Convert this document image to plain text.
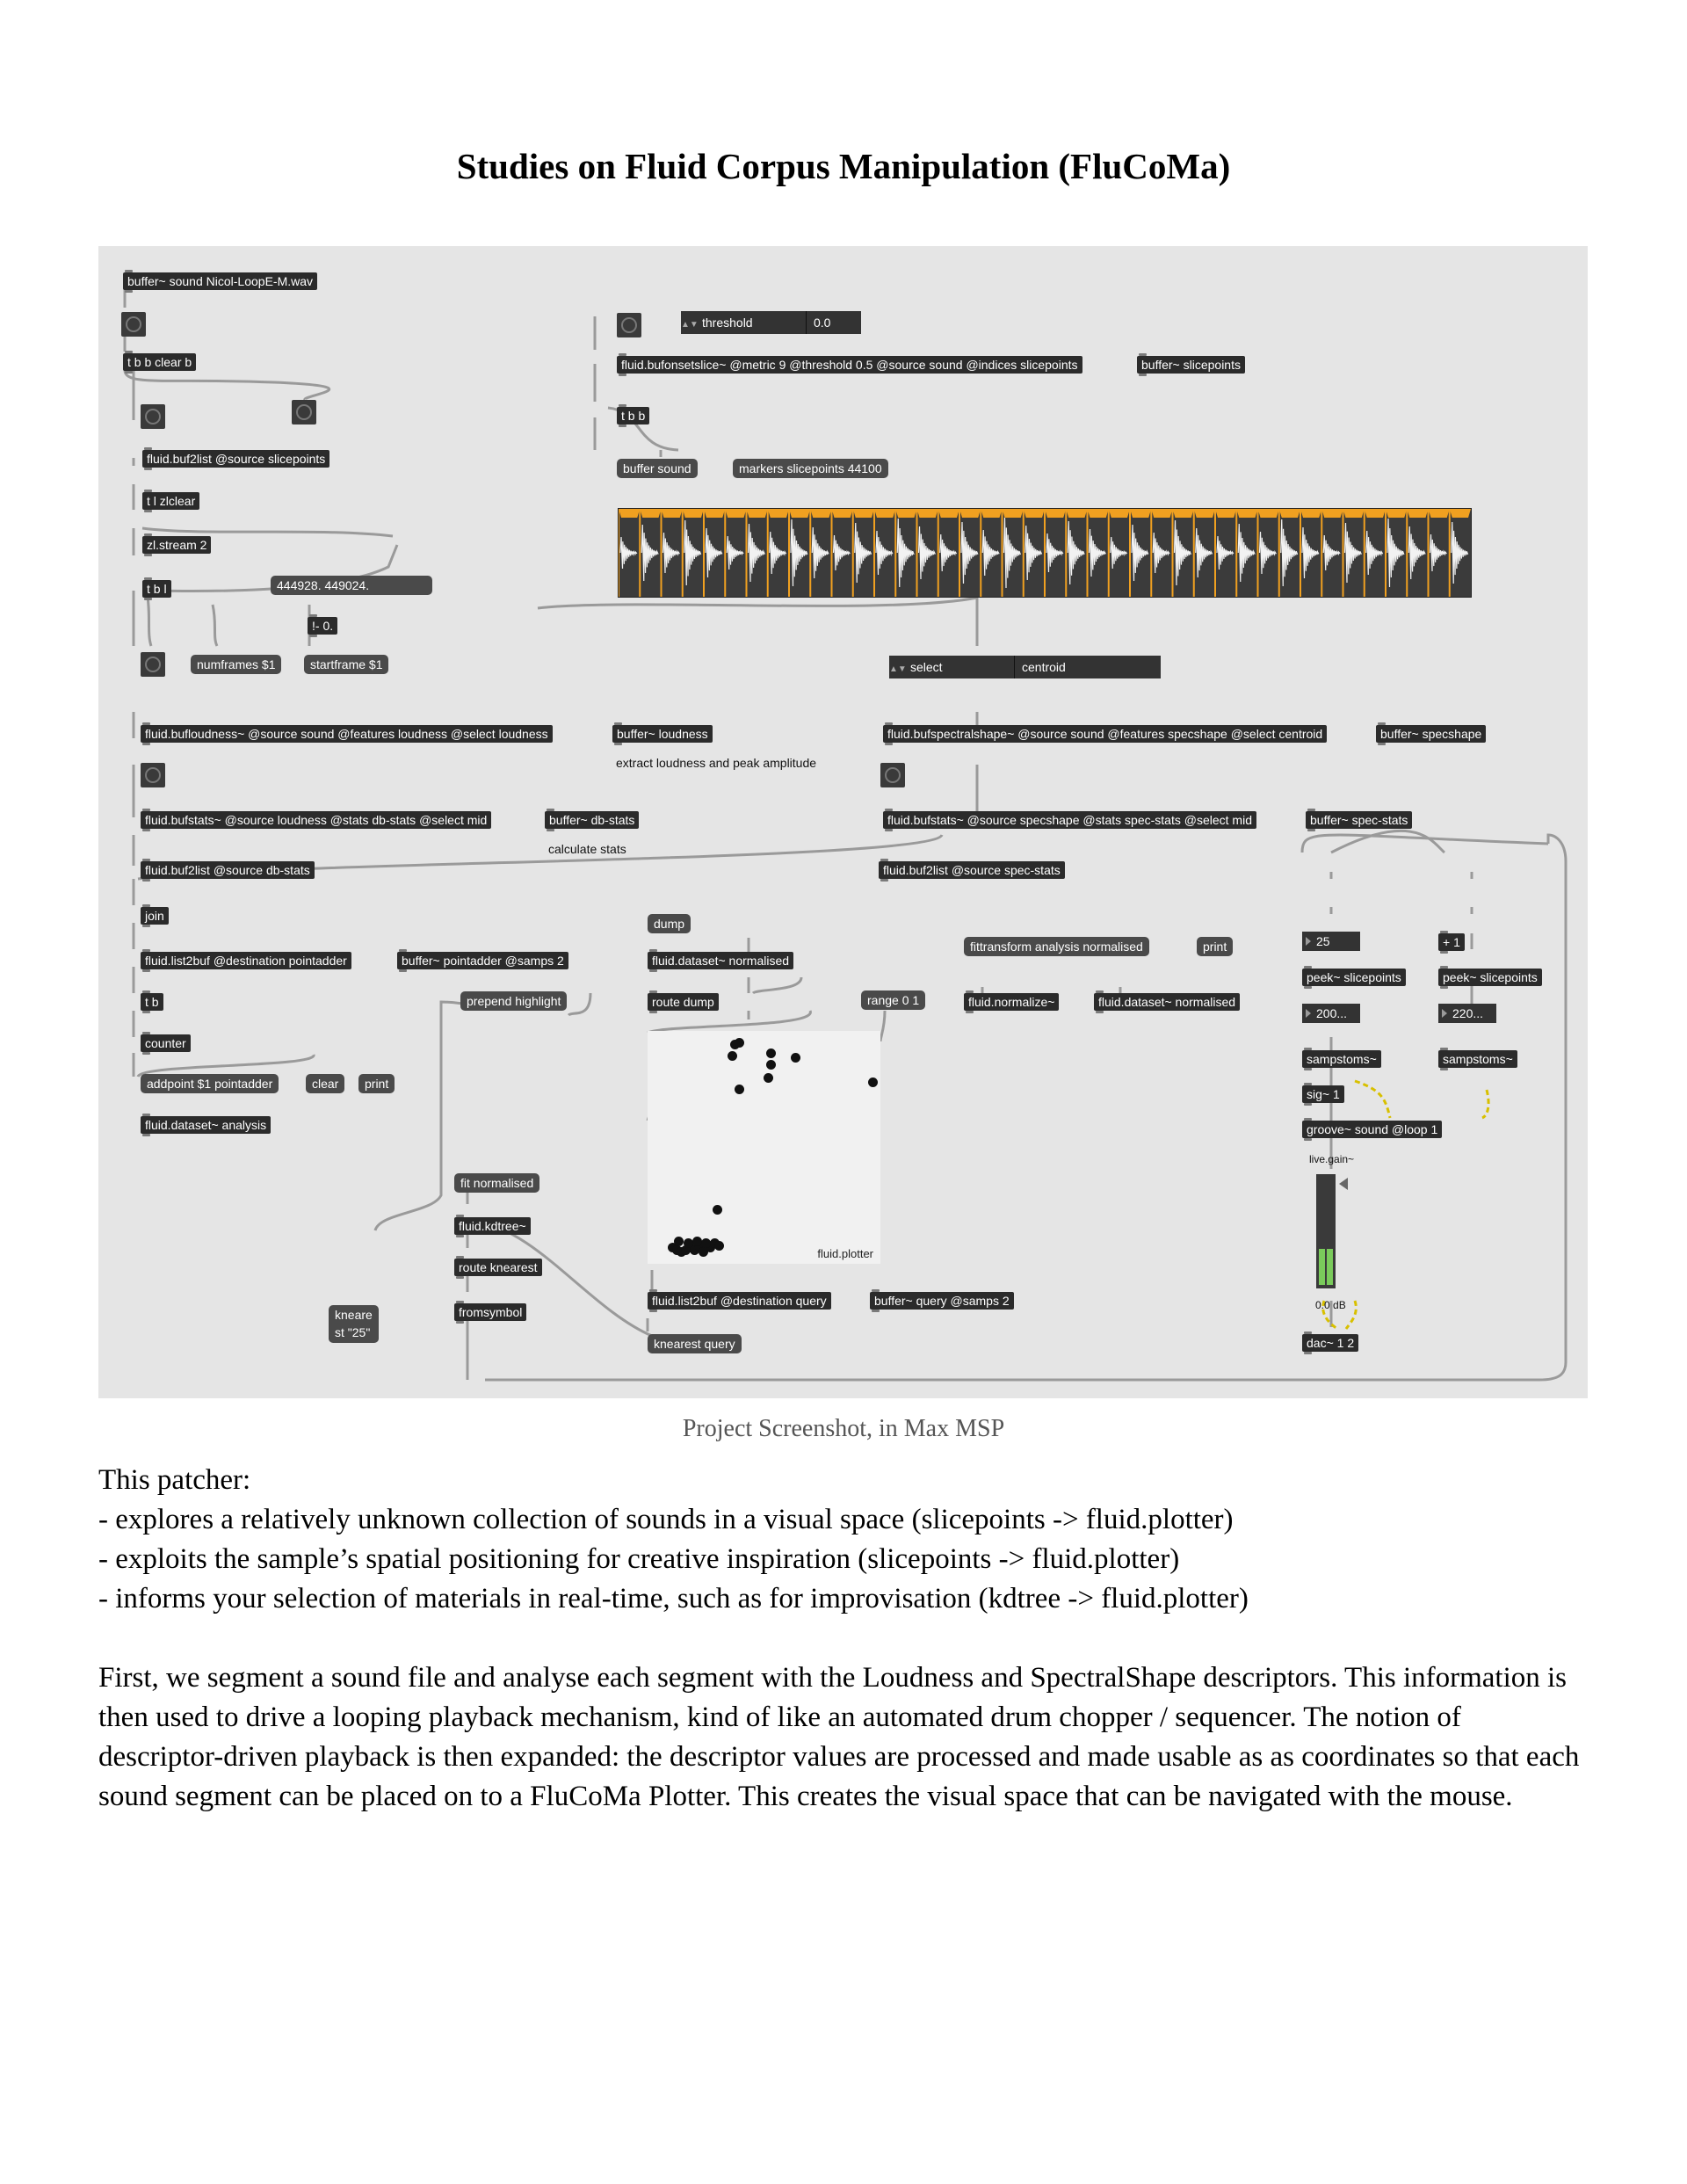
Studies on Fluid Corpus Manipulation (FluCoMa)
buffer~ sound Nicol-LoopE-M.wav
t b b clear b
fluid.buf2list @source slicepoints
t l zlclear
zl.stream 2
t b l	444928. 449024.
!- 0.
numframes $1	startframe $1
▲▼ threshold	0.0
fluid.bufonsetslice~ @metric 9 @threshold 0.5 @source sound @indices slicepoints	buffer~ slicepoints
t b b
buffer sound	markers slicepoints 44100
▲▼ select	centroid
fluid.bufloudness~ @source sound @features loudness @select loudness	buffer~ loudness
extract loudness and peak amplitude
fluid.bufspectralshape~ @source sound @features specshape @select centroid	buffer~ specshape
fluid.bufstats~ @source loudness @stats db-stats @select mid	buffer~ db-stats
calculate stats
fluid.bufstats~ @source specshape @stats spec-stats @select mid	buffer~ spec-stats
fluid.buf2list @source db-stats	fluid.buf2list @source spec-stats
join
fluid.list2buf @destination pointadder	buffer~ pointadder @samps 2
t b
counter
addpoint $1 pointadder	clear	print
fluid.dataset~ analysis
dump
fluid.dataset~ normalised
prepend highlight	route dump	range 0 1
fittransform analysis normalised	print
fluid.normalize~	fluid.dataset~ normalised
fluid.plotter
fluid.list2buf @destination query	buffer~ query @samps 2
knearest query
fit normalised
fluid.kdtree~
route knearest
fromsymbol
kneare
st "25"
25	+ 1
peek~ slicepoints	peek~ slicepoints
200...	220...
sampstoms~	sampstoms~
sig~ 1
groove~ sound @loop 1
live.gain~
0.0 dB
dac~ 1 2
Project Screenshot, in Max MSP

This patcher:

- explores a relatively unknown collection of sounds in a visual space (slicepoints -> fluid.plotter)

- exploits the sample’s spatial positioning for creative inspiration (slicepoints -> fluid.plotter)

- informs your selection of materials in real-time, such as for improvisation (kdtree -> fluid.plotter)

First, we segment a sound file and analyse each segment with the Loudness and SpectralShape descriptors. This information is then used to drive a looping playback mechanism, kind of like an automated drum chopper / sequencer. The notion of descriptor-driven playback is then expanded: the descriptor values are processed and made usable as as coordinates so that each sound segment can be placed on to a FluCoMa Plotter. This creates the visual space that can be navigated with the mouse.
